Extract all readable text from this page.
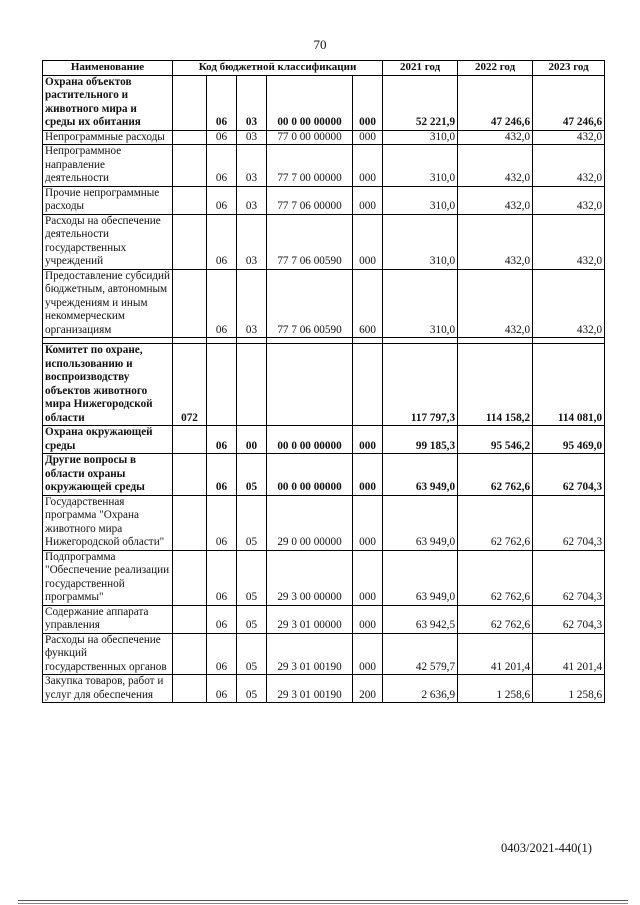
70
Наименование	Код бюджетной классификации					2021 год	2022 год	2023 год
Охрана объектов растительного и животного мира и среды их обитания		06	03	00 0 00 00000	000	52 221,9	47 246,6	47 246,6
Непрограммные расходы		06	03	77 0 00 00000	000	310,0	432,0	432,0
Непрограммное направление деятельности		06	03	77 7 00 00000	000	310,0	432,0	432,0
Прочие непрограммные расходы		06	03	77 7 06 00000	000	310,0	432,0	432,0
Расходы на обеспечение деятельности государственных учреждений		06	03	77 7 06 00590	000	310,0	432,0	432,0
Предоставление субсидий бюджетным, автономным учреждениям и иным некоммерческим организациям		06	03	77 7 06 00590	600	310,0	432,0	432,0

Комитет по охране, использованию и воспроизводству объектов животного мира Нижегородской области	072					117 797,3	114 158,2	114 081,0
Охрана окружающей среды		06	00	00 0 00 00000	000	99 185,3	95 546,2	95 469,0
Другие вопросы в области охраны окружающей среды		06	05	00 0 00 00000	000	63 949,0	62 762,6	62 704,3
Государственная программа "Охрана животного мира Нижегородской области"		06	05	29 0 00 00000	000	63 949,0	62 762,6	62 704,3
Подпрограмма "Обеспечение реализации государственной программы"		06	05	29 3 00 00000	000	63 949,0	62 762,6	62 704,3
Содержание аппарата управления		06	05	29 3 01 00000	000	63 942,5	62 762,6	62 704,3
Расходы на обеспечение функций государственных органов		06	05	29 3 01 00190	000	42 579,7	41 201,4	41 201,4
Закупка товаров, работ и услуг для обеспечения		06	05	29 3 01 00190	200	2 636,9	1 258,6	1 258,6
0403/2021-440(1)
